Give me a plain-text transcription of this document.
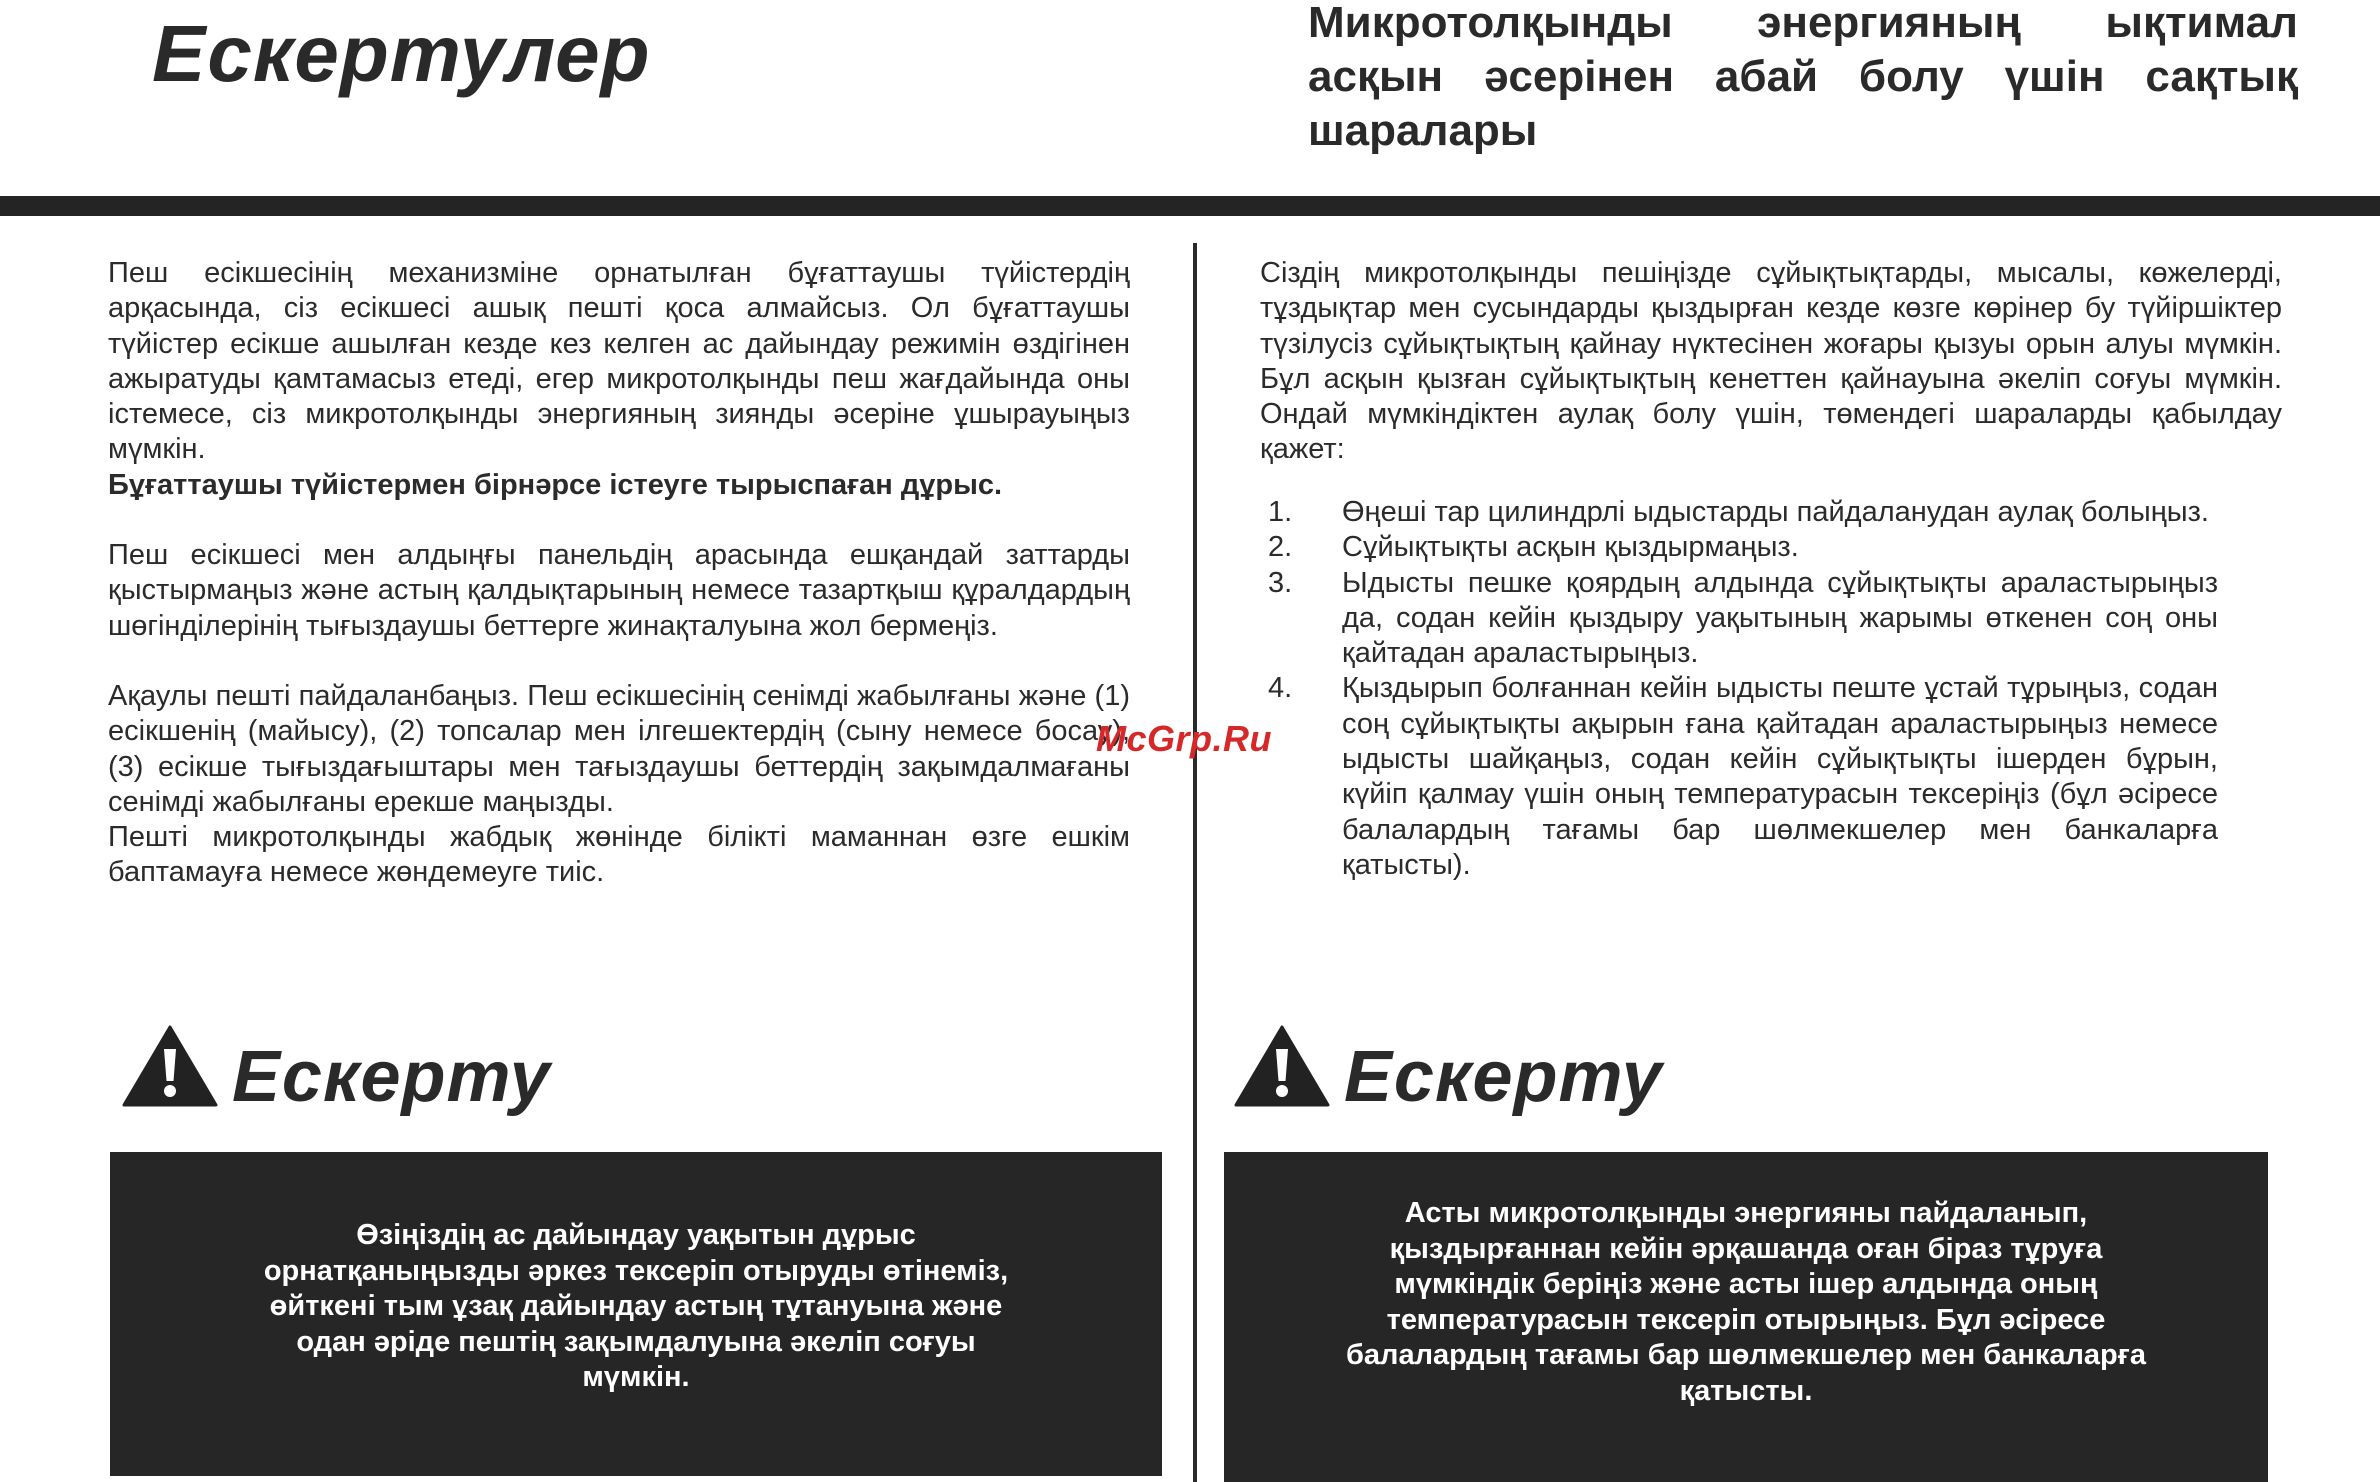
Ескертулер	Микротолқынды энергияның ықтимал асқын әсерінен абай болу үшін сақтық шаралары

Пеш есікшесінің механизміне орнатылған бұғаттаушы түйістердің арқасында, сіз есікшесі ашық пешті қоса алмайсыз. Ол бұғаттаушы түйістер есікше ашылған кезде кез келген ас дайындау режимін өздігінен ажыратуды қамтамасыз етеді, егер микротолқынды пеш жағдайында оны істемесе, сіз микротолқынды энергияның зиянды әсеріне ұшырауыңыз мүмкін.

Бұғаттаушы түйістермен бірнәрсе істеуге тырыспаған дұрыс.

Пеш есікшесі мен алдыңғы панельдің арасында ешқандай заттарды қыстырмаңыз және астың қалдықтарының немесе тазартқыш құралдардың шөгінділерінің тығыздаушы беттерге жинақталуына жол бермеңіз.

Ақаулы пешті пайдаланбаңыз. Пеш есікшесінің сенімді жабылғаны және (1) есікшенің (майысу), (2) топсалар мен ілгешектердің (сыну немесе босау), (3) есікше тығыздағыштары мен тағыздаушы беттердің зақымдалмағаны сенімді жабылғаны ерекше маңызды.

Пешті микротолқынды жабдық жөнінде білікті маманнан өзге ешкім баптамауға немесе жөндемеуге тиіс.

Сіздің микротолқынды пешіңізде сұйықтықтарды, мысалы, көжелерді, тұздықтар мен сусындарды қыздырған кезде көзге көрінер бу түйіршіктер түзілусіз сұйықтықтың қайнау нүктесінен жоғары қызуы орын алуы мүмкін. Бұл асқын қызған сұйықтықтың кенеттен қайнауына әкеліп соғуы мүмкін. Ондай мүмкіндіктен аулақ болу үшін, төмендегі шараларды қабылдау қажет:

1. Өңеші тар цилиндрлі ыдыстарды пайдаланудан аулақ болыңыз.

2. Сұйықтықты асқын қыздырмаңыз.

3. Ыдысты пешке қоярдың алдында сұйықтықты араластырыңыз да, содан кейін қыздыру уақытының жарымы өткенен соң оны қайтадан араластырыңыз.

4. Қыздырып болғаннан кейін ыдысты пеште ұстай тұрыңыз, содан соң сұйықтықты ақырын ғана қайтадан араластырыңыз немесе ыдысты шайқаңыз, содан кейін сұйықтықты ішерден бұрын, күйіп қалмау үшін оның температурасын тексеріңіз (бұл әсіресе балалардың тағамы бар шөлмекшелер мен банкаларға қатысты).

McGrp.Ru
Ескерту	Ескерту
Өзіңіздің ас дайындау уақытын дұрыс орнатқаныңызды әркез тексеріп отыруды өтінеміз, өйткені тым ұзақ дайындау астың тұтануына және одан әріде пештің зақымдалуына әкеліп соғуы мүмкін.
Асты микротолқынды энергияны пайдаланып, қыздырғаннан кейін әрқашанда оған біраз тұруға мүмкіндік беріңіз және асты ішер алдында оның температурасын тексеріп отырыңыз. Бұл әсіресе балалардың тағамы бар шөлмекшелер мен банкаларға қатысты.
